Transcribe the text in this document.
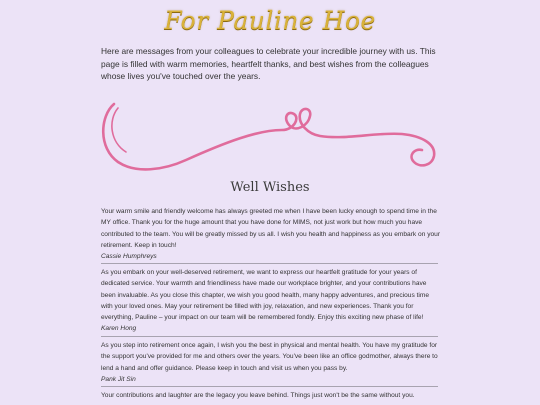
For Pauline Hoe
Here are messages from your colleagues to celebrate your incredible journey with us. This page is filled with warm memories, heartfelt thanks, and best wishes from the colleagues whose lives you've touched over the years.
Well Wishes
Your warm smile and friendly welcome has always greeted me when I have been lucky enough to spend time in the MY office. Thank you for the huge amount that you have done for MIMS, not just work but how much you have contributed to the team. You will be greatly missed by us all. I wish you health and happiness as you embark on your retirement. Keep in touch!
Cassie Humphreys
As you embark on your well-deserved retirement, we want to express our heartfelt gratitude for your years of dedicated service. Your warmth and friendliness have made our workplace brighter, and your contributions have been invaluable. As you close this chapter, we wish you good health, many happy adventures, and precious time with your loved ones. May your retirement be filled with joy, relaxation, and new experiences. Thank you for everything, Pauline – your impact on our team will be remembered fondly. Enjoy this exciting new phase of life!
Karen Hong
As you step into retirement once again, I wish you the best in physical and mental health. You have my gratitude for the support you've provided for me and others over the years. You've been like an office godmother, always there to lend a hand and offer guidance. Please keep in touch and visit us when you pass by.
Pank Jit Sin
Your contributions and laughter are the legacy you leave behind. Things just won't be the same without you.
